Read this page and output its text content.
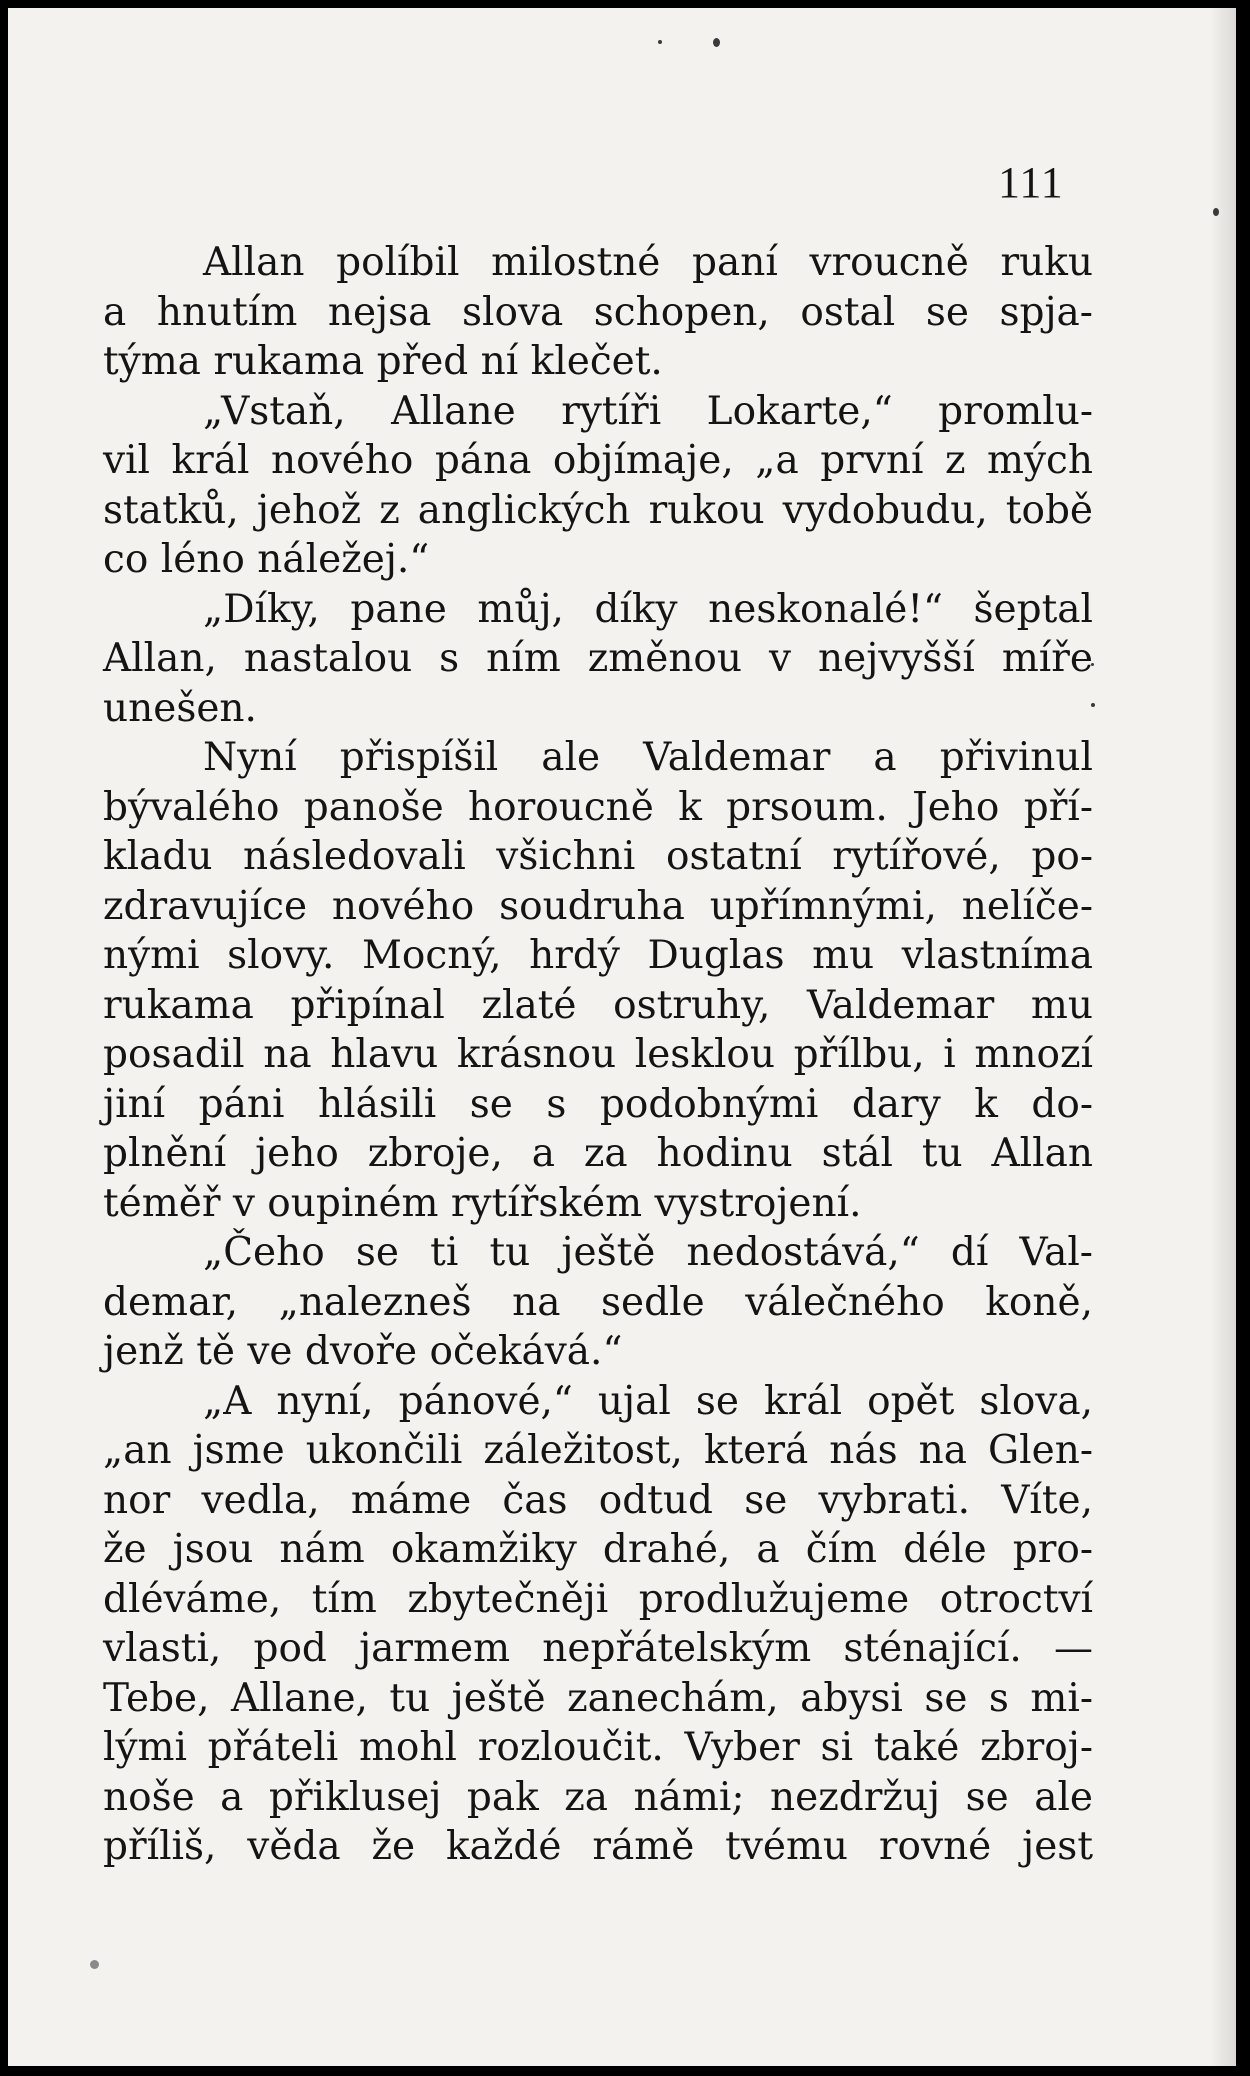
111

Allan políbil milostné paní vroucně ruku
a hnutím nejsa slova schopen, ostal se spja-
týma rukama před ní klečet.
„Vstaň, Allane rytíři Lokarte,“ promlu-
vil král nového pána objímaje, „a první z mých
statků, jehož z anglických rukou vydobudu, tobě
co léno náležej.“
„Díky, pane můj, díky neskonalé!“ šeptal
Allan, nastalou s ním změnou v nejvyšší míře
unešen.
Nyní přispíšil ale Valdemar a přivinul
bývalého panoše horoucně k prsoum. Jeho pří-
kladu následovali všichni ostatní rytířové, po-
zdravujíce nového soudruha upřímnými, nelíče-
nými slovy. Mocný, hrdý Duglas mu vlastníma
rukama připínal zlaté ostruhy, Valdemar mu
posadil na hlavu krásnou lesklou přílbu, i mnozí
jiní páni hlásili se s podobnými dary k do-
plnění jeho zbroje, a za hodinu stál tu Allan
téměř v oupiném rytířském vystrojení.
„Čeho se ti tu ještě nedostává,“ dí Val-
demar, „nalezneš na sedle válečného koně,
jenž tě ve dvoře očekává.“
„A nyní, pánové,“ ujal se král opět slova,
„an jsme ukončili záležitost, která nás na Glen-
nor vedla, máme čas odtud se vybrati. Víte,
že jsou nám okamžiky drahé, a čím déle pro-
dléváme, tím zbytečněji prodlužujeme otroctví
vlasti, pod jarmem nepřátelským sténající. —
Tebe, Allane, tu ještě zanechám, abysi se s mi-
lými přáteli mohl rozloučit. Vyber si také zbroj-
noše a přiklusej pak za námi; nezdržuj se ale
příliš, věda že každé rámě tvému rovné jest
